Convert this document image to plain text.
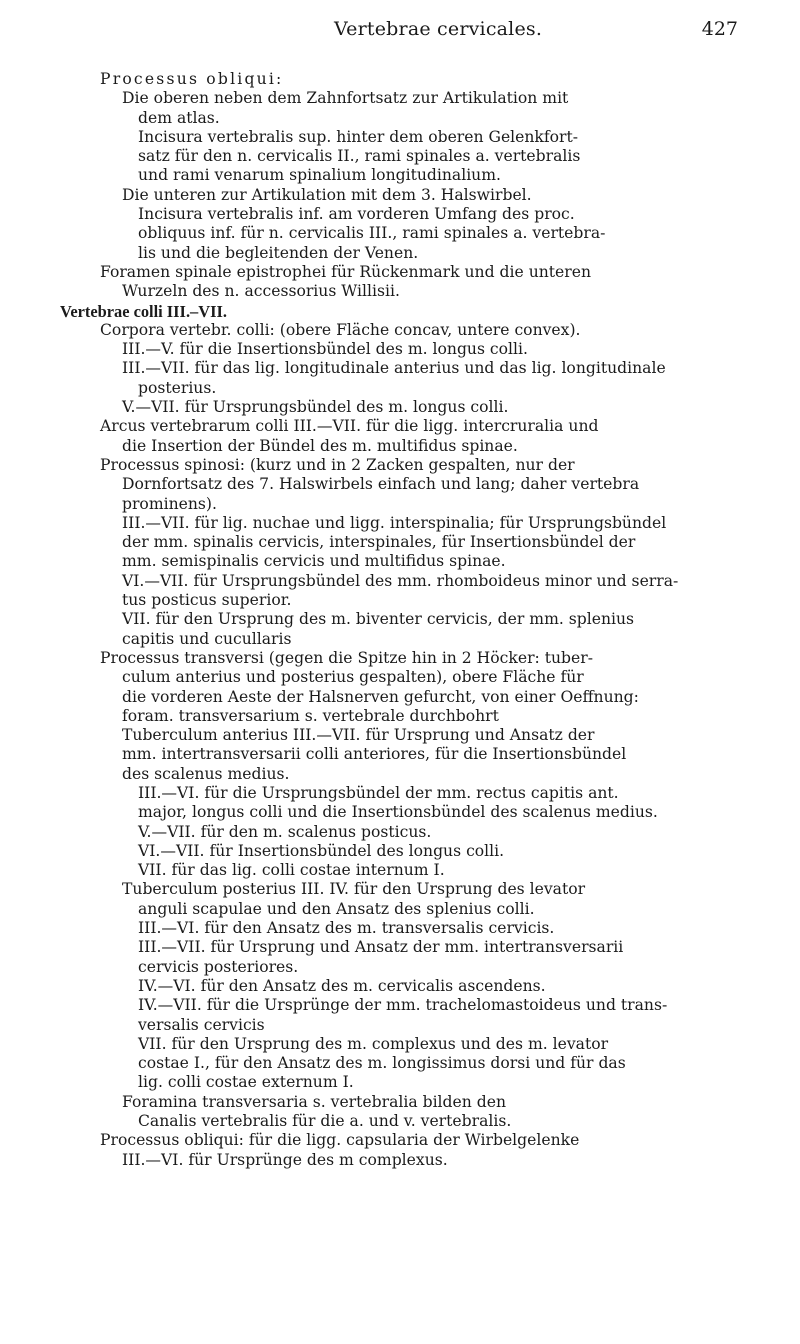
Vertebrae cervicales.	427
Processus obliqui:
Die oberen neben dem Zahnfortsatz zur Artikulation mit
dem atlas.
Incisura vertebralis sup. hinter dem oberen Gelenkfort-
satz für den n. cervicalis II., rami spinales a. vertebralis
und rami venarum spinalium longitudinalium.
Die unteren zur Artikulation mit dem 3. Halswirbel.
Incisura vertebralis inf. am vorderen Umfang des proc.
obliquus inf. für n. cervicalis III., rami spinales a. vertebra-
lis und die begleitenden der Venen.
Foramen spinale epistrophei für Rückenmark und die unteren
Wurzeln des n. accessorius Willisii.
Vertebrae colli III.–VII.
Corpora vertebr. colli: (obere Fläche concav, untere convex).
III.—V. für die Insertionsbündel des m. longus colli.
III.—VII. für das lig. longitudinale anterius und das lig. longitudinale
posterius.
V.—VII. für Ursprungsbündel des m. longus colli.
Arcus vertebrarum colli III.—VII. für die ligg. intercruralia und
die Insertion der Bündel des m. multifidus spinae.
Processus spinosi: (kurz und in 2 Zacken gespalten, nur der
Dornfortsatz des 7. Halswirbels einfach und lang; daher vertebra
prominens).
III.—VII. für lig. nuchae und ligg. interspinalia; für Ursprungsbündel
der mm. spinalis cervicis, interspinales, für Insertionsbündel der
mm. semispinalis cervicis und multifidus spinae.
VI.—VII. für Ursprungsbündel des mm. rhomboideus minor und serra-
tus posticus superior.
VII. für den Ursprung des m. biventer cervicis, der mm. splenius
capitis und cucullaris
Processus transversi (gegen die Spitze hin in 2 Höcker: tuber-
culum anterius und posterius gespalten), obere Fläche für
die vorderen Aeste der Halsnerven gefurcht, von einer Oeffnung:
foram. transversarium s. vertebrale durchbohrt
Tuberculum anterius III.—VII. für Ursprung und Ansatz der
mm. intertransversarii colli anteriores, für die Insertionsbündel
des scalenus medius.
III.—VI. für die Ursprungsbündel der mm. rectus capitis ant.
major, longus colli und die Insertionsbündel des scalenus medius.
V.—VII. für den m. scalenus posticus.
VI.—VII. für Insertionsbündel des longus colli.
VII. für das lig. colli costae internum I.
Tuberculum posterius III. IV. für den Ursprung des levator
anguli scapulae und den Ansatz des splenius colli.
III.—VI. für den Ansatz des m. transversalis cervicis.
III.—VII. für Ursprung und Ansatz der mm. intertransversarii
cervicis posteriores.
IV.—VI. für den Ansatz des m. cervicalis ascendens.
IV.—VII. für die Ursprünge der mm. trachelomastoideus und trans-
versalis cervicis
VII. für den Ursprung des m. complexus und des m. levator
costae I., für den Ansatz des m. longissimus dorsi und für das
lig. colli costae externum I.
Foramina transversaria s. vertebralia bilden den
Canalis vertebralis für die a. und v. vertebralis.
Processus obliqui: für die ligg. capsularia der Wirbelgelenke
III.—VI. für Ursprünge des m complexus.
